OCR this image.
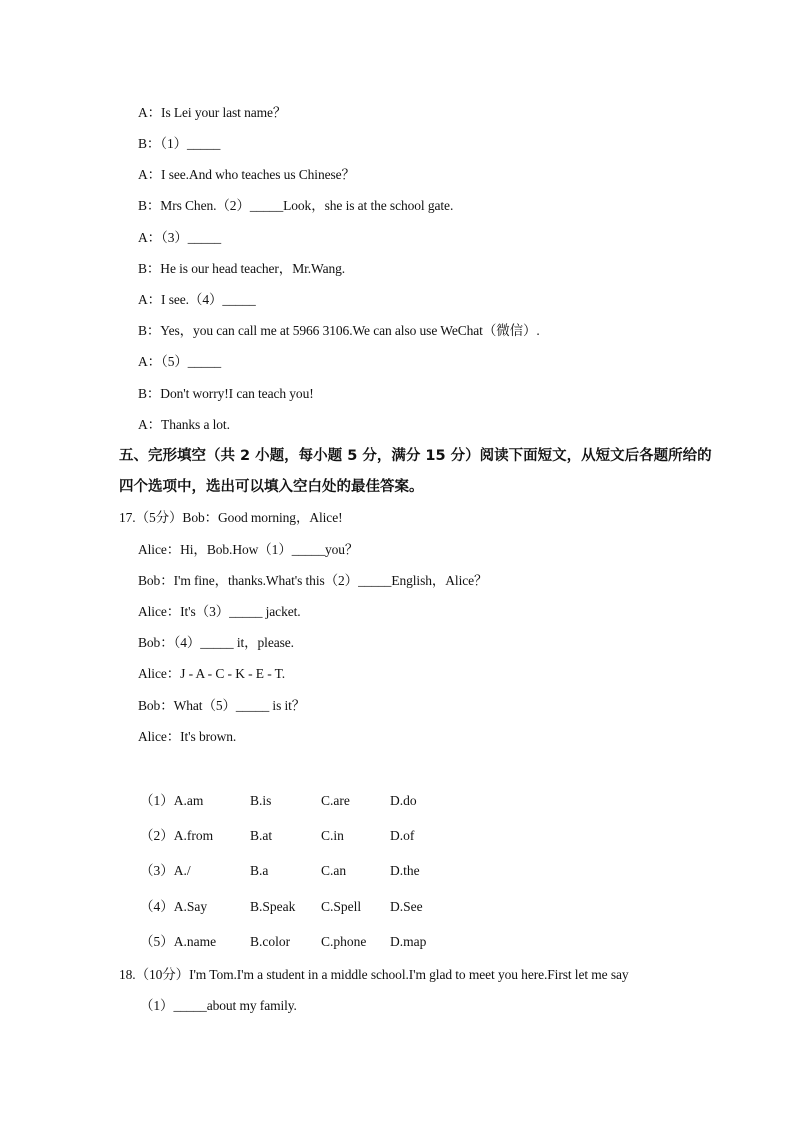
A：Is Lei your last name？
B：（1）_____
A：I see.And who teaches us Chinese？
B：Mrs Chen.（2）_____Look，she is at the school gate.
A：（3）_____
B：He is our head teacher，Mr.Wang.
A：I see.（4）_____
B：Yes，you can call me at 5966 3106.We can also use WeChat（微信）.
A：（5）_____
B：Don't worry!I can teach you!
A：Thanks a lot.
五、完形填空（共 2 小题，每小题 5 分，满分 15 分）阅读下面短文，从短文后各题所给的
四个选项中，选出可以填入空白处的最佳答案。
17.（5分）Bob：Good morning，Alice!
Alice：Hi，Bob.How（1）_____you？
Bob：I'm fine，thanks.What's this（2）_____English，Alice？
Alice：It's（3）_____ jacket.
Bob：（4）_____ it，please.
Alice：J - A - C - K - E - T.
Bob：What（5）_____ is it？
Alice：It's brown.
（1）A.am	B.is	C.are	D.do
（2）A.from	B.at	C.in	D.of
（3）A./	B.a	C.an	D.the
（4）A.Say	B.Speak C.Spell D.See
（5）A.name	B.color C.phone D.map
18.（10分）I'm Tom.I'm a student in a middle school.I'm glad to meet you here.First let me say
（1）_____about my family.
